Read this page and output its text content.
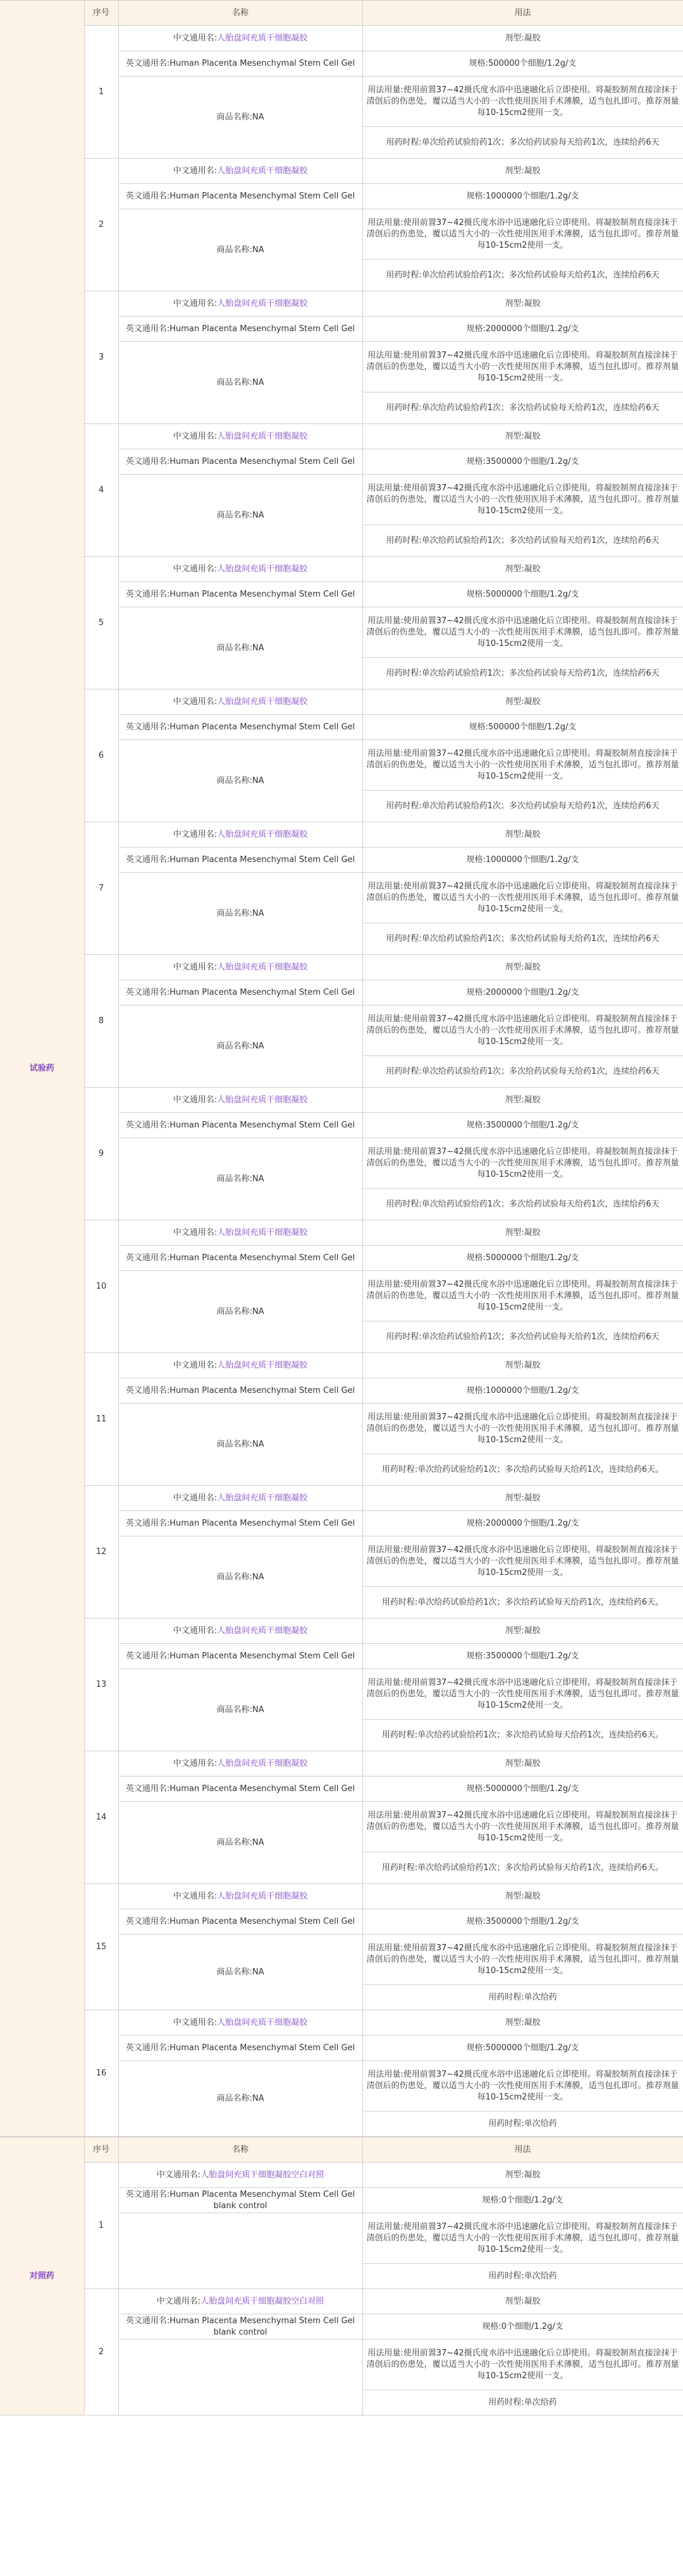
试验药	序号	名称	用法
	1	中文通用名:人胎盘间充质干细胞凝胶	剂型:凝胶
		英文通用名:Human Placenta Mesenchymal Stem Cell Gel	规格:500000个细胞/1.2g/支
		商品名称:NA	用法用量:使用前置37~42摄氏度水浴中迅速融化后立即使用。将凝胶制剂直接涂抹于清创后的伤患处，覆以适当大小的一次性使用医用手术薄膜，适当包扎即可。推荐剂量每10-15cm2使用一支。
			用药时程:单次给药试验给药1次；多次给药试验每天给药1次，连续给药6天
	2	中文通用名:人胎盘间充质干细胞凝胶	剂型:凝胶
		英文通用名:Human Placenta Mesenchymal Stem Cell Gel	规格:1000000个细胞/1.2g/支
		商品名称:NA	用法用量:使用前置37~42摄氏度水浴中迅速融化后立即使用。将凝胶制剂直接涂抹于清创后的伤患处，覆以适当大小的一次性使用医用手术薄膜，适当包扎即可。推荐剂量每10-15cm2使用一支。
			用药时程:单次给药试验给药1次；多次给药试验每天给药1次，连续给药6天
	3	中文通用名:人胎盘间充质干细胞凝胶	剂型:凝胶
		英文通用名:Human Placenta Mesenchymal Stem Cell Gel	规格:2000000个细胞/1.2g/支
		商品名称:NA	用法用量:使用前置37~42摄氏度水浴中迅速融化后立即使用。将凝胶制剂直接涂抹于清创后的伤患处，覆以适当大小的一次性使用医用手术薄膜，适当包扎即可。推荐剂量每10-15cm2使用一支。
			用药时程:单次给药试验给药1次；多次给药试验每天给药1次，连续给药6天
	4	中文通用名:人胎盘间充质干细胞凝胶	剂型:凝胶
		英文通用名:Human Placenta Mesenchymal Stem Cell Gel	规格:3500000个细胞/1.2g/支
		商品名称:NA	用法用量:使用前置37~42摄氏度水浴中迅速融化后立即使用。将凝胶制剂直接涂抹于清创后的伤患处，覆以适当大小的一次性使用医用手术薄膜，适当包扎即可。推荐剂量每10-15cm2使用一支。
			用药时程:单次给药试验给药1次；多次给药试验每天给药1次，连续给药6天
	5	中文通用名:人胎盘间充质干细胞凝胶	剂型:凝胶
		英文通用名:Human Placenta Mesenchymal Stem Cell Gel	规格:5000000个细胞/1.2g/支
		商品名称:NA	用法用量:使用前置37~42摄氏度水浴中迅速融化后立即使用。将凝胶制剂直接涂抹于清创后的伤患处，覆以适当大小的一次性使用医用手术薄膜，适当包扎即可。推荐剂量每10-15cm2使用一支。
			用药时程:单次给药试验给药1次；多次给药试验每天给药1次，连续给药6天
	6	中文通用名:人胎盘间充质干细胞凝胶	剂型:凝胶
		英文通用名:Human Placenta Mesenchymal Stem Cell Gel	规格:500000个细胞/1.2g/支
		商品名称:NA	用法用量:使用前置37~42摄氏度水浴中迅速融化后立即使用。将凝胶制剂直接涂抹于清创后的伤患处，覆以适当大小的一次性使用医用手术薄膜，适当包扎即可。推荐剂量每10-15cm2使用一支。
			用药时程:单次给药试验给药1次；多次给药试验每天给药1次，连续给药6天
	7	中文通用名:人胎盘间充质干细胞凝胶	剂型:凝胶
		英文通用名:Human Placenta Mesenchymal Stem Cell Gel	规格:1000000个细胞/1.2g/支
		商品名称:NA	用法用量:使用前置37~42摄氏度水浴中迅速融化后立即使用。将凝胶制剂直接涂抹于清创后的伤患处，覆以适当大小的一次性使用医用手术薄膜，适当包扎即可。推荐剂量每10-15cm2使用一支。
			用药时程:单次给药试验给药1次；多次给药试验每天给药1次，连续给药6天
	8	中文通用名:人胎盘间充质干细胞凝胶	剂型:凝胶
		英文通用名:Human Placenta Mesenchymal Stem Cell Gel	规格:2000000个细胞/1.2g/支
		商品名称:NA	用法用量:使用前置37~42摄氏度水浴中迅速融化后立即使用。将凝胶制剂直接涂抹于清创后的伤患处，覆以适当大小的一次性使用医用手术薄膜，适当包扎即可。推荐剂量每10-15cm2使用一支。
			用药时程:单次给药试验给药1次；多次给药试验每天给药1次，连续给药6天
	9	中文通用名:人胎盘间充质干细胞凝胶	剂型:凝胶
		英文通用名:Human Placenta Mesenchymal Stem Cell Gel	规格:3500000个细胞/1.2g/支
		商品名称:NA	用法用量:使用前置37~42摄氏度水浴中迅速融化后立即使用。将凝胶制剂直接涂抹于清创后的伤患处，覆以适当大小的一次性使用医用手术薄膜，适当包扎即可。推荐剂量每10-15cm2使用一支。
			用药时程:单次给药试验给药1次；多次给药试验每天给药1次，连续给药6天
	10	中文通用名:人胎盘间充质干细胞凝胶	剂型:凝胶
		英文通用名:Human Placenta Mesenchymal Stem Cell Gel	规格:5000000个细胞/1.2g/支
		商品名称:NA	用法用量:使用前置37~42摄氏度水浴中迅速融化后立即使用。将凝胶制剂直接涂抹于清创后的伤患处，覆以适当大小的一次性使用医用手术薄膜，适当包扎即可。推荐剂量每10-15cm2使用一支。
			用药时程:单次给药试验给药1次；多次给药试验每天给药1次，连续给药6天
	11	中文通用名:人胎盘间充质干细胞凝胶	剂型:凝胶
		英文通用名:Human Placenta Mesenchymal Stem Cell Gel	规格:1000000个细胞/1.2g/支
		商品名称:NA	用法用量:使用前置37~42摄氏度水浴中迅速融化后立即使用。将凝胶制剂直接涂抹于清创后的伤患处，覆以适当大小的一次性使用医用手术薄膜，适当包扎即可。推荐剂量每10-15cm2使用一支。
			用药时程:单次给药试验给药1次；多次给药试验每天给药1次，连续给药6天。
	12	中文通用名:人胎盘间充质干细胞凝胶	剂型:凝胶
		英文通用名:Human Placenta Mesenchymal Stem Cell Gel	规格:2000000个细胞/1.2g/支
		商品名称:NA	用法用量:使用前置37~42摄氏度水浴中迅速融化后立即使用。将凝胶制剂直接涂抹于清创后的伤患处，覆以适当大小的一次性使用医用手术薄膜，适当包扎即可。推荐剂量每10-15cm2使用一支。
			用药时程:单次给药试验给药1次；多次给药试验每天给药1次，连续给药6天。
	13	中文通用名:人胎盘间充质干细胞凝胶	剂型:凝胶
		英文通用名:Human Placenta Mesenchymal Stem Cell Gel	规格:3500000个细胞/1.2g/支
		商品名称:NA	用法用量:使用前置37~42摄氏度水浴中迅速融化后立即使用。将凝胶制剂直接涂抹于清创后的伤患处，覆以适当大小的一次性使用医用手术薄膜，适当包扎即可。推荐剂量每10-15cm2使用一支。
			用药时程:单次给药试验给药1次；多次给药试验每天给药1次，连续给药6天。
	14	中文通用名:人胎盘间充质干细胞凝胶	剂型:凝胶
		英文通用名:Human Placenta Mesenchymal Stem Cell Gel	规格:5000000个细胞/1.2g/支
		商品名称:NA	用法用量:使用前置37~42摄氏度水浴中迅速融化后立即使用。将凝胶制剂直接涂抹于清创后的伤患处，覆以适当大小的一次性使用医用手术薄膜，适当包扎即可。推荐剂量每10-15cm2使用一支。
			用药时程:单次给药试验给药1次；多次给药试验每天给药1次，连续给药6天。
	15	中文通用名:人胎盘间充质干细胞凝胶	剂型:凝胶
		英文通用名:Human Placenta Mesenchymal Stem Cell Gel	规格:3500000个细胞/1.2g/支
		商品名称:NA	用法用量:使用前置37~42摄氏度水浴中迅速融化后立即使用。将凝胶制剂直接涂抹于清创后的伤患处，覆以适当大小的一次性使用医用手术薄膜，适当包扎即可。推荐剂量每10-15cm2使用一支。
			用药时程:单次给药
	16	中文通用名:人胎盘间充质干细胞凝胶	剂型:凝胶
		英文通用名:Human Placenta Mesenchymal Stem Cell Gel	规格:5000000个细胞/1.2g/支
		商品名称:NA	用法用量:使用前置37~42摄氏度水浴中迅速融化后立即使用。将凝胶制剂直接涂抹于清创后的伤患处，覆以适当大小的一次性使用医用手术薄膜，适当包扎即可。推荐剂量每10-15cm2使用一支。
			用药时程:单次给药
对照药	序号	名称	用法
	1	中文通用名:人胎盘间充质干细胞凝胶空白对照	剂型:凝胶
		英文通用名:Human Placenta Mesenchymal Stem Cell Gel blank control	规格:0个细胞/1.2g/支
			用法用量:使用前置37~42摄氏度水浴中迅速融化后立即使用。将凝胶制剂直接涂抹于清创后的伤患处，覆以适当大小的一次性使用医用手术薄膜，适当包扎即可。推荐剂量每10-15cm2使用一支。
			用药时程:单次给药
	2	中文通用名:人胎盘间充质干细胞凝胶空白对照	剂型:凝胶
		英文通用名:Human Placenta Mesenchymal Stem Cell Gel blank control	规格:0个细胞/1.2g/支
			用法用量:使用前置37~42摄氏度水浴中迅速融化后立即使用。将凝胶制剂直接涂抹于清创后的伤患处，覆以适当大小的一次性使用医用手术薄膜，适当包扎即可。推荐剂量每10-15cm2使用一支。
			用药时程:单次给药
